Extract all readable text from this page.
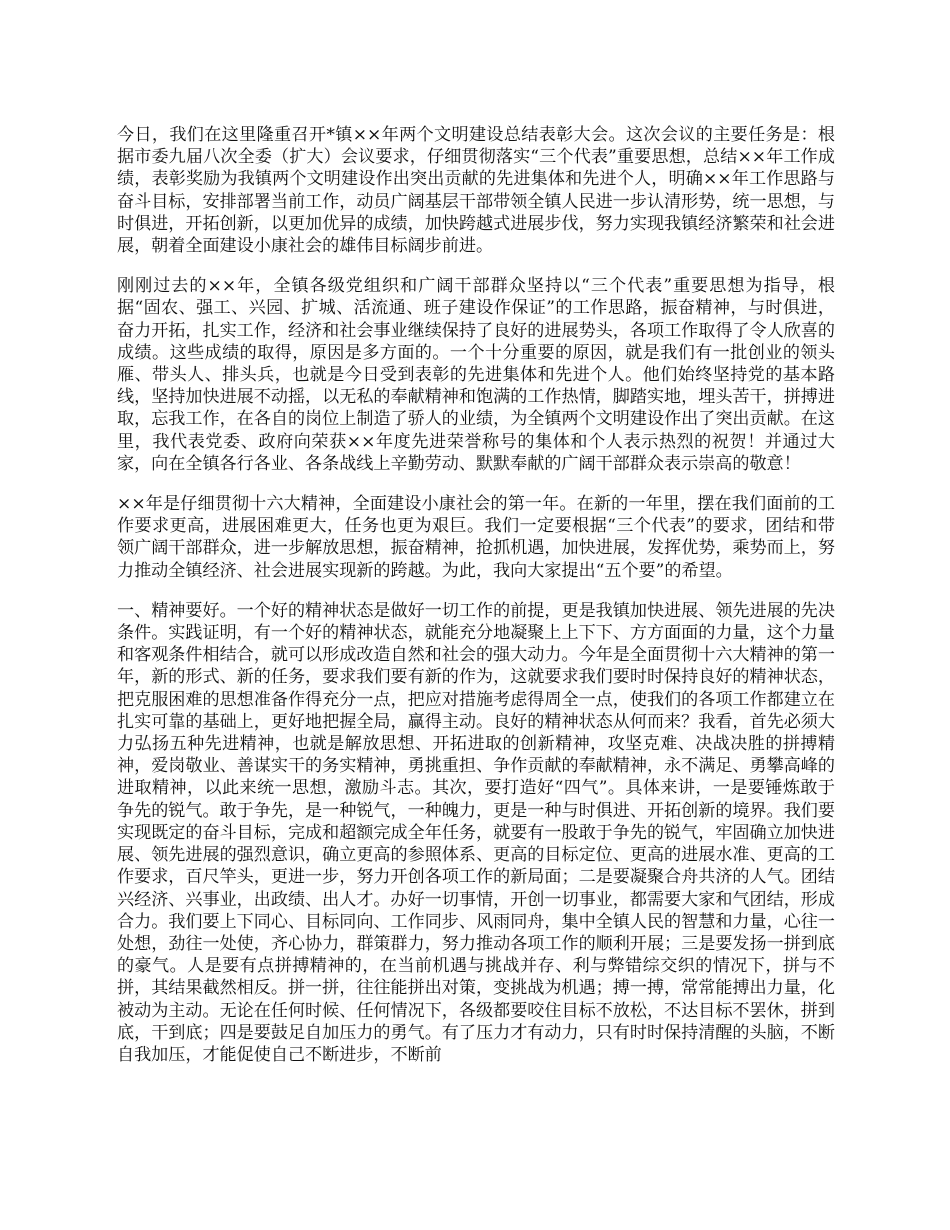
今日，我们在这里隆重召开*镇××年两个文明建设总结表彰大会。这次会议的主要任务是：根据市委九届八次全委（扩大）会议要求，仔细贯彻落实“三个代表”重要思想，总结××年工作成绩，表彰奖励为我镇两个文明建设作出突出贡献的先进集体和先进个人，明确××年工作思路与奋斗目标，安排部署当前工作，动员广阔基层干部带领全镇人民进一步认清形势，统一思想，与时俱进，开拓创新，以更加优异的成绩，加快跨越式进展步伐，努力实现我镇经济繁荣和社会进展，朝着全面建设小康社会的雄伟目标阔步前进。

刚刚过去的××年，全镇各级党组织和广阔干部群众坚持以“三个代表”重要思想为指导，根据“固农、强工、兴园、扩城、活流通、班子建设作保证”的工作思路，振奋精神，与时俱进，奋力开拓，扎实工作，经济和社会事业继续保持了良好的进展势头，各项工作取得了令人欣喜的成绩。这些成绩的取得，原因是多方面的。一个十分重要的原因，就是我们有一批创业的领头雁、带头人、排头兵，也就是今日受到表彰的先进集体和先进个人。他们始终坚持党的基本路线，坚持加快进展不动摇，以无私的奉献精神和饱满的工作热情，脚踏实地，埋头苦干，拼搏进取，忘我工作，在各自的岗位上制造了骄人的业绩，为全镇两个文明建设作出了突出贡献。在这里，我代表党委、政府向荣获××年度先进荣誉称号的集体和个人表示热烈的祝贺！并通过大家，向在全镇各行各业、各条战线上辛勤劳动、默默奉献的广阔干部群众表示崇高的敬意！

××年是仔细贯彻十六大精神，全面建设小康社会的第一年。在新的一年里，摆在我们面前的工作要求更高，进展困难更大，任务也更为艰巨。我们一定要根据“三个代表”的要求，团结和带领广阔干部群众，进一步解放思想，振奋精神，抢抓机遇，加快进展，发挥优势，乘势而上，努力推动全镇经济、社会进展实现新的跨越。为此，我向大家提出“五个要”的希望。

一、精神要好。一个好的精神状态是做好一切工作的前提，更是我镇加快进展、领先进展的先决条件。实践证明，有一个好的精神状态，就能充分地凝聚上上下下、方方面面的力量，这个力量和客观条件相结合，就可以形成改造自然和社会的强大动力。今年是全面贯彻十六大精神的第一年，新的形式、新的任务，要求我们要有新的作为，这就要求我们要时时保持良好的精神状态，把克服困难的思想准备作得充分一点，把应对措施考虑得周全一点，使我们的各项工作都建立在扎实可靠的基础上，更好地把握全局，赢得主动。良好的精神状态从何而来？我看，首先必须大力弘扬五种先进精神，也就是解放思想、开拓进取的创新精神，攻坚克难、决战决胜的拼搏精神，爱岗敬业、善谋实干的务实精神，勇挑重担、争作贡献的奉献精神，永不满足、勇攀高峰的进取精神，以此来统一思想，激励斗志。其次，要打造好“四气”。具体来讲，一是要锤炼敢于争先的锐气。敢于争先，是一种锐气，一种魄力，更是一种与时俱进、开拓创新的境界。我们要实现既定的奋斗目标，完成和超额完成全年任务，就要有一股敢于争先的锐气，牢固确立加快进展、领先进展的强烈意识，确立更高的参照体系、更高的目标定位、更高的进展水准、更高的工作要求，百尺竿头，更进一步，努力开创各项工作的新局面；二是要凝聚合舟共济的人气。团结兴经济、兴事业，出政绩、出人才。办好一切事情，开创一切事业，都需要大家和气团结，形成合力。我们要上下同心、目标同向、工作同步、风雨同舟，集中全镇人民的智慧和力量，心往一处想，劲往一处使，齐心协力，群策群力，努力推动各项工作的顺利开展；三是要发扬一拼到底的豪气。人是要有点拼搏精神的，在当前机遇与挑战并存、利与弊错综交织的情况下，拼与不拼，其结果截然相反。拼一拼，往往能拼出对策，变挑战为机遇；搏一搏，常常能搏出力量，化被动为主动。无论在任何时候、任何情况下，各级都要咬住目标不放松，不达目标不罢休，拼到底，干到底；四是要鼓足自加压力的勇气。有了压力才有动力，只有时时保持清醒的头脑，不断自我加压，才能促使自己不断进步，不断前
